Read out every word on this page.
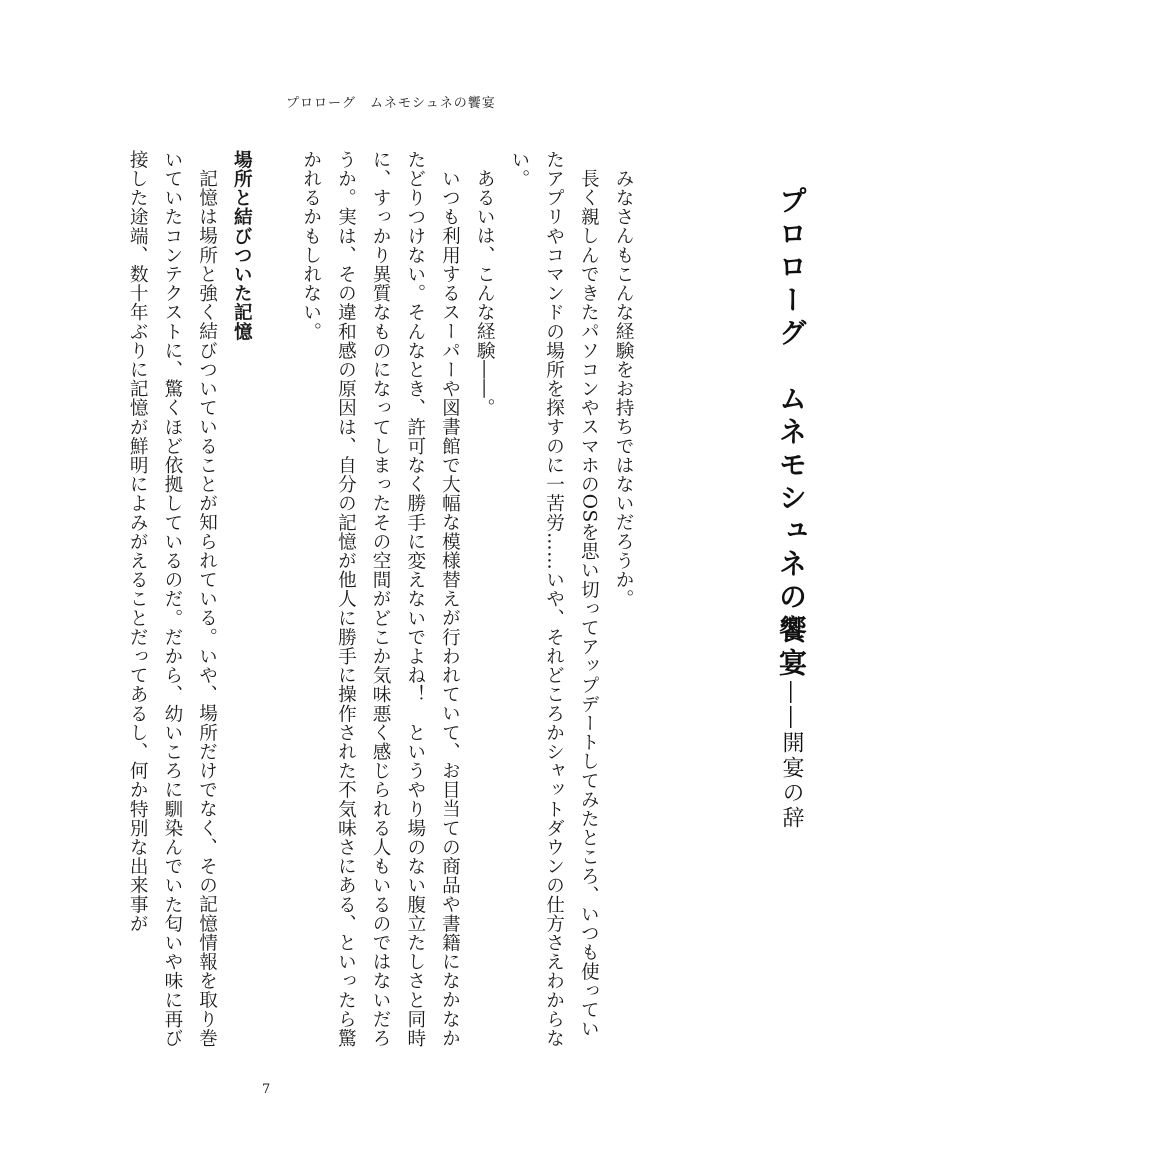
プロローグ　ムネモシュネの饗宴
プロローグ　ムネモシュネの饗宴――開宴の辞

みなさんもこんな経験をお持ちではないだろうか。

長く親しんできたパソコンやスマホのOSを思い切ってアップデートしてみたところ、いつも使っていたアプリやコマンドの場所を探すのに一苦労……いや、それどころかシャットダウンの仕方さえわからない。

あるいは、こんな経験――。

いつも利用するスーパーや図書館で大幅な模様替えが行われていて、お目当ての商品や書籍になかなかたどりつけない。そんなとき、許可なく勝手に変えないでよね！　というやり場のない腹立たしさと同時に、すっかり異質なものになってしまったその空間がどこか気味悪く感じられる人もいるのではないだろうか。実は、その違和感の原因は、自分の記憶が他人に勝手に操作された不気味さにある、といったら驚かれるかもしれない。

場所と結びついた記憶

記憶は場所と強く結びついていることが知られている。いや、場所だけでなく、その記憶情報を取り巻いていたコンテクストに、驚くほど依拠しているのだ。だから、幼いころに馴染んでいた匂いや味に再び接した途端、数十年ぶりに記憶が鮮明によみがえることだってあるし、何か特別な出来事が

7
